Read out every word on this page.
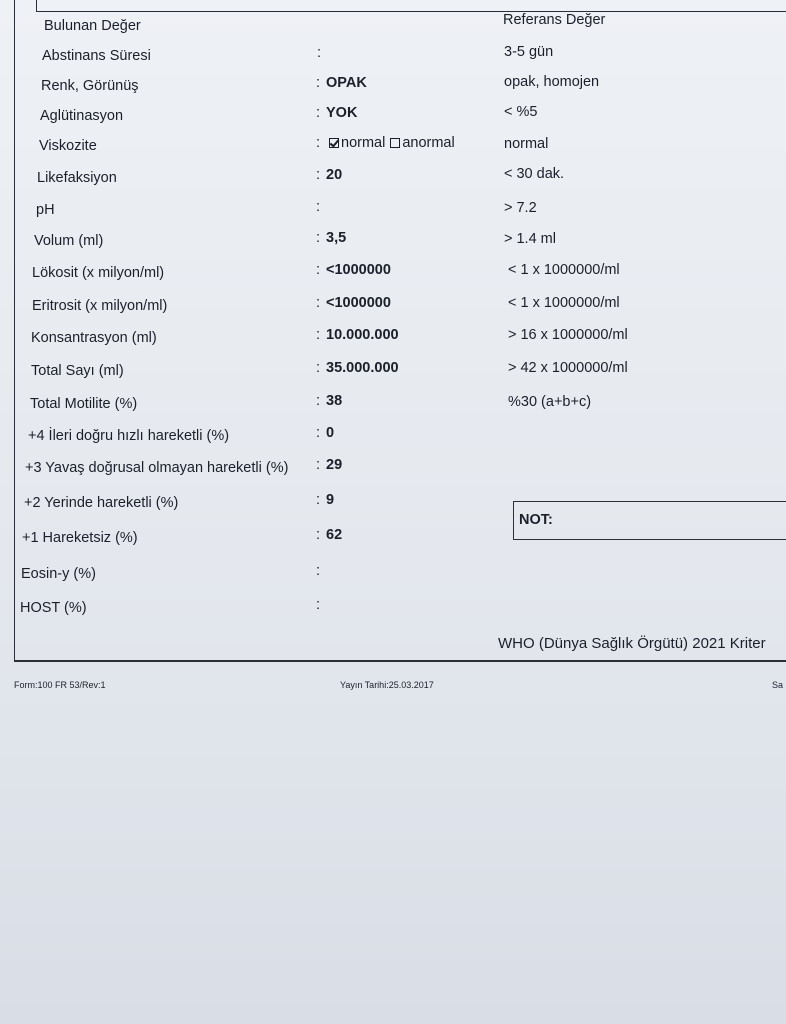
Bulunan Değer	Referans Değer
Abstinans Süresi	:	3-5 gün
Renk, Görünüş	: OPAK	opak, homojen
Aglütinasyon	: YOK	< %5
Viskozite	:	normal anormal	normal
Likefaksiyon	: 20	< 30 dak.
pH	:	> 7.2
Volum (ml)	: 3,5	> 1.4 ml
Lökosit (x milyon/ml)	: <1000000	< 1 x 1000000/ml
Eritrosit (x milyon/ml)	: <1000000	< 1 x 1000000/ml
Konsantrasyon (ml)	: 10.000.000	> 16 x 1000000/ml
Total Sayı (ml)	: 35.000.000	> 42 x 1000000/ml
Total Motilite (%)	: 38	%30 (a+b+c)
+4 İleri doğru hızlı hareketli (%)	: 0
+3 Yavaş doğrusal olmayan hareketli (%) : 29
+2 Yerinde hareketli (%)	: 9
+1 Hareketsiz (%)	: 62
Eosin-y (%)	:
HOST (%)	:
NOT:
WHO (Dünya Sağlık Örgütü) 2021 Kriter
Form:100 FR 53/Rev:1	Yayın Tarihi:25.03.2017	Sa
